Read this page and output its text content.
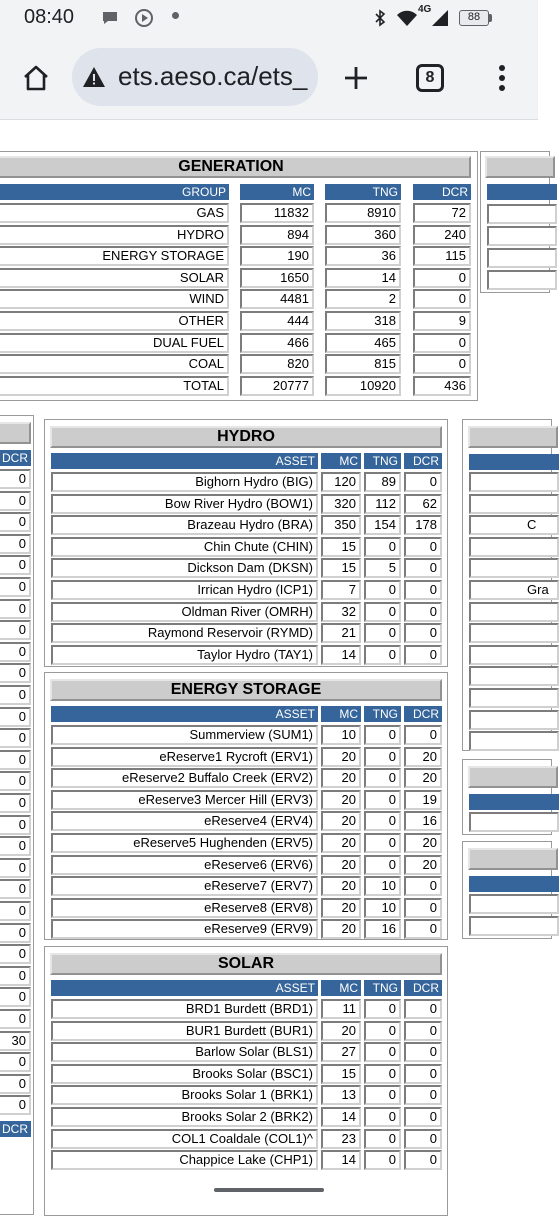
08:40	4G
88
ets.aeso.ca/ets_	8
GENERATION
GROUP	MC	TNG	DCR
GAS	11832	8910	72
HYDRO	894	360	240
ENERGY STORAGE	190	36	115
SOLAR	1650	14	0
WIND	4481	2	0
OTHER	444	318	9
DUAL FUEL	466	465	0
COAL	820	815	0
TOTAL	20777	10920	436
DCR
0
0
0
0
0
0
0
0
0
0
0
0
0
0
0
0
0
0
0
0
0
0
0
0
0
0
30
0
0
0
DCR
HYDRO
ASSET	MC	TNG	DCR
Bighorn Hydro (BIG)	120	89	0
Bow River Hydro (BOW1)	320	112	62
Brazeau Hydro (BRA)	350	154	178
Chin Chute (CHIN)	15	0	0
Dickson Dam (DKSN)	15	5	0
Irrican Hydro (ICP1)	7	0	0
Oldman River (OMRH)	32	0	0
Raymond Reservoir (RYMD)	21	0	0
Taylor Hydro (TAY1)	14	0	0
ENERGY STORAGE
ASSET	MC	TNG	DCR
Summerview (SUM1)	10	0	0
eReserve1 Rycroft (ERV1)	20	0	20
eReserve2 Buffalo Creek (ERV2)	20	0	20
eReserve3 Mercer Hill (ERV3)	20	0	19
eReserve4 (ERV4)	20	0	16
eReserve5 Hughenden (ERV5)	20	0	20
eReserve6 (ERV6)	20	0	20
eReserve7 (ERV7)	20	10	0
eReserve8 (ERV8)	20	10	0
eReserve9 (ERV9)	20	16	0
SOLAR
ASSET	MC	TNG	DCR
BRD1 Burdett (BRD1)	11	0	0
BUR1 Burdett (BUR1)	20	0	0
Barlow Solar (BLS1)	27	0	0
Brooks Solar (BSC1)	15	0	0
Brooks Solar 1 (BRK1)	13	0	0
Brooks Solar 2 (BRK2)	14	0	0
COL1 Coaldale (COL1)^	23	0	0
Chappice Lake (CHP1)	14	0	0
C
Gra
